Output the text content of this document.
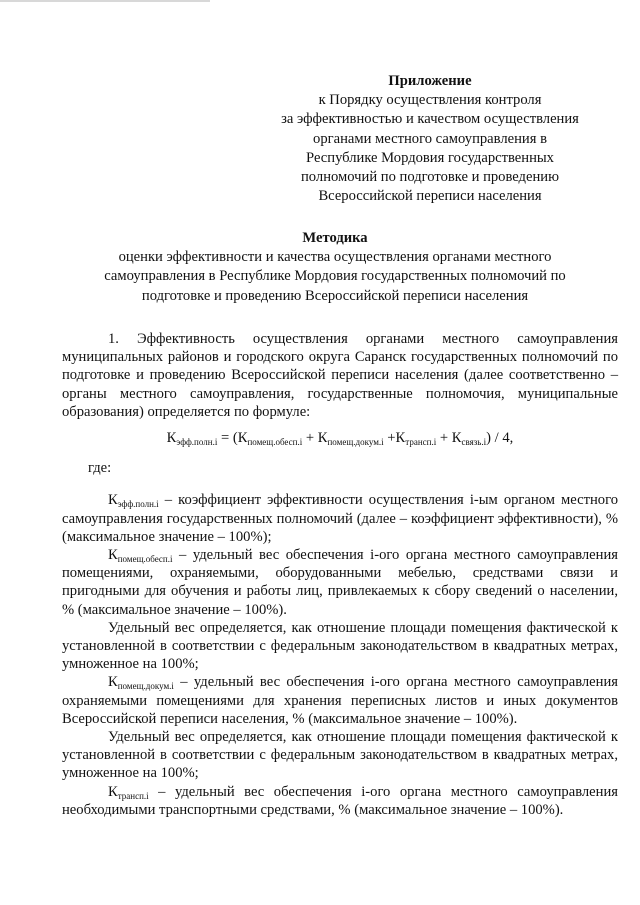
Приложение
к Порядку осуществления контроля
за эффективностью и качеством осуществления
органами местного самоуправления в
Республике Мордовия государственных
полномочий по подготовке и проведению
Всероссийской переписи населения
Методика
оценки эффективности и качества осуществления органами местного
самоуправления в Республике Мордовия государственных полномочий по
подготовке и проведению Всероссийской переписи населения

1. Эффективность осуществления органами местного самоуправления муниципальных районов и городского округа Саранск государственных полномочий по подготовке и проведению Всероссийской переписи населения (далее соответственно – органы местного самоуправления, государственные полномочия, муниципальные образования) определяется по формуле:

$К_{эфф.полн.i} = (К_{помещ.обесп.i} + К_{помещ.докум.i} +К_{трансп.i} + К_{связь.i}) / 4$,

где:

$К_{эфф.полн.i}$ – коэффициент эффективности осуществления i-ым органом местного самоуправления государственных полномочий (далее – коэффициент эффективности), % (максимальное значение – 100%);

$К_{помещ.обесп.i}$ – удельный вес обеспечения i-ого органа местного самоуправления помещениями, охраняемыми, оборудованными мебелью, средствами связи и пригодными для обучения и работы лиц, привлекаемых к сбору сведений о населении, % (максимальное значение – 100%).

Удельный вес определяется, как отношение площади помещения фактической к установленной в соответствии с федеральным законодательством в квадратных метрах, умноженное на 100%;

$К_{помещ.докум.i}$ – удельный вес обеспечения i-ого органа местного самоуправления охраняемыми помещениями для хранения переписных листов и иных документов Всероссийской переписи населения, % (максимальное значение – 100%).

Удельный вес определяется, как отношение площади помещения фактической к установленной в соответствии с федеральным законодательством в квадратных метрах, умноженное на 100%;

$К_{трансп.i}$ – удельный вес обеспечения i-ого органа местного самоуправления необходимыми транспортными средствами, % (максимальное значение – 100%).
